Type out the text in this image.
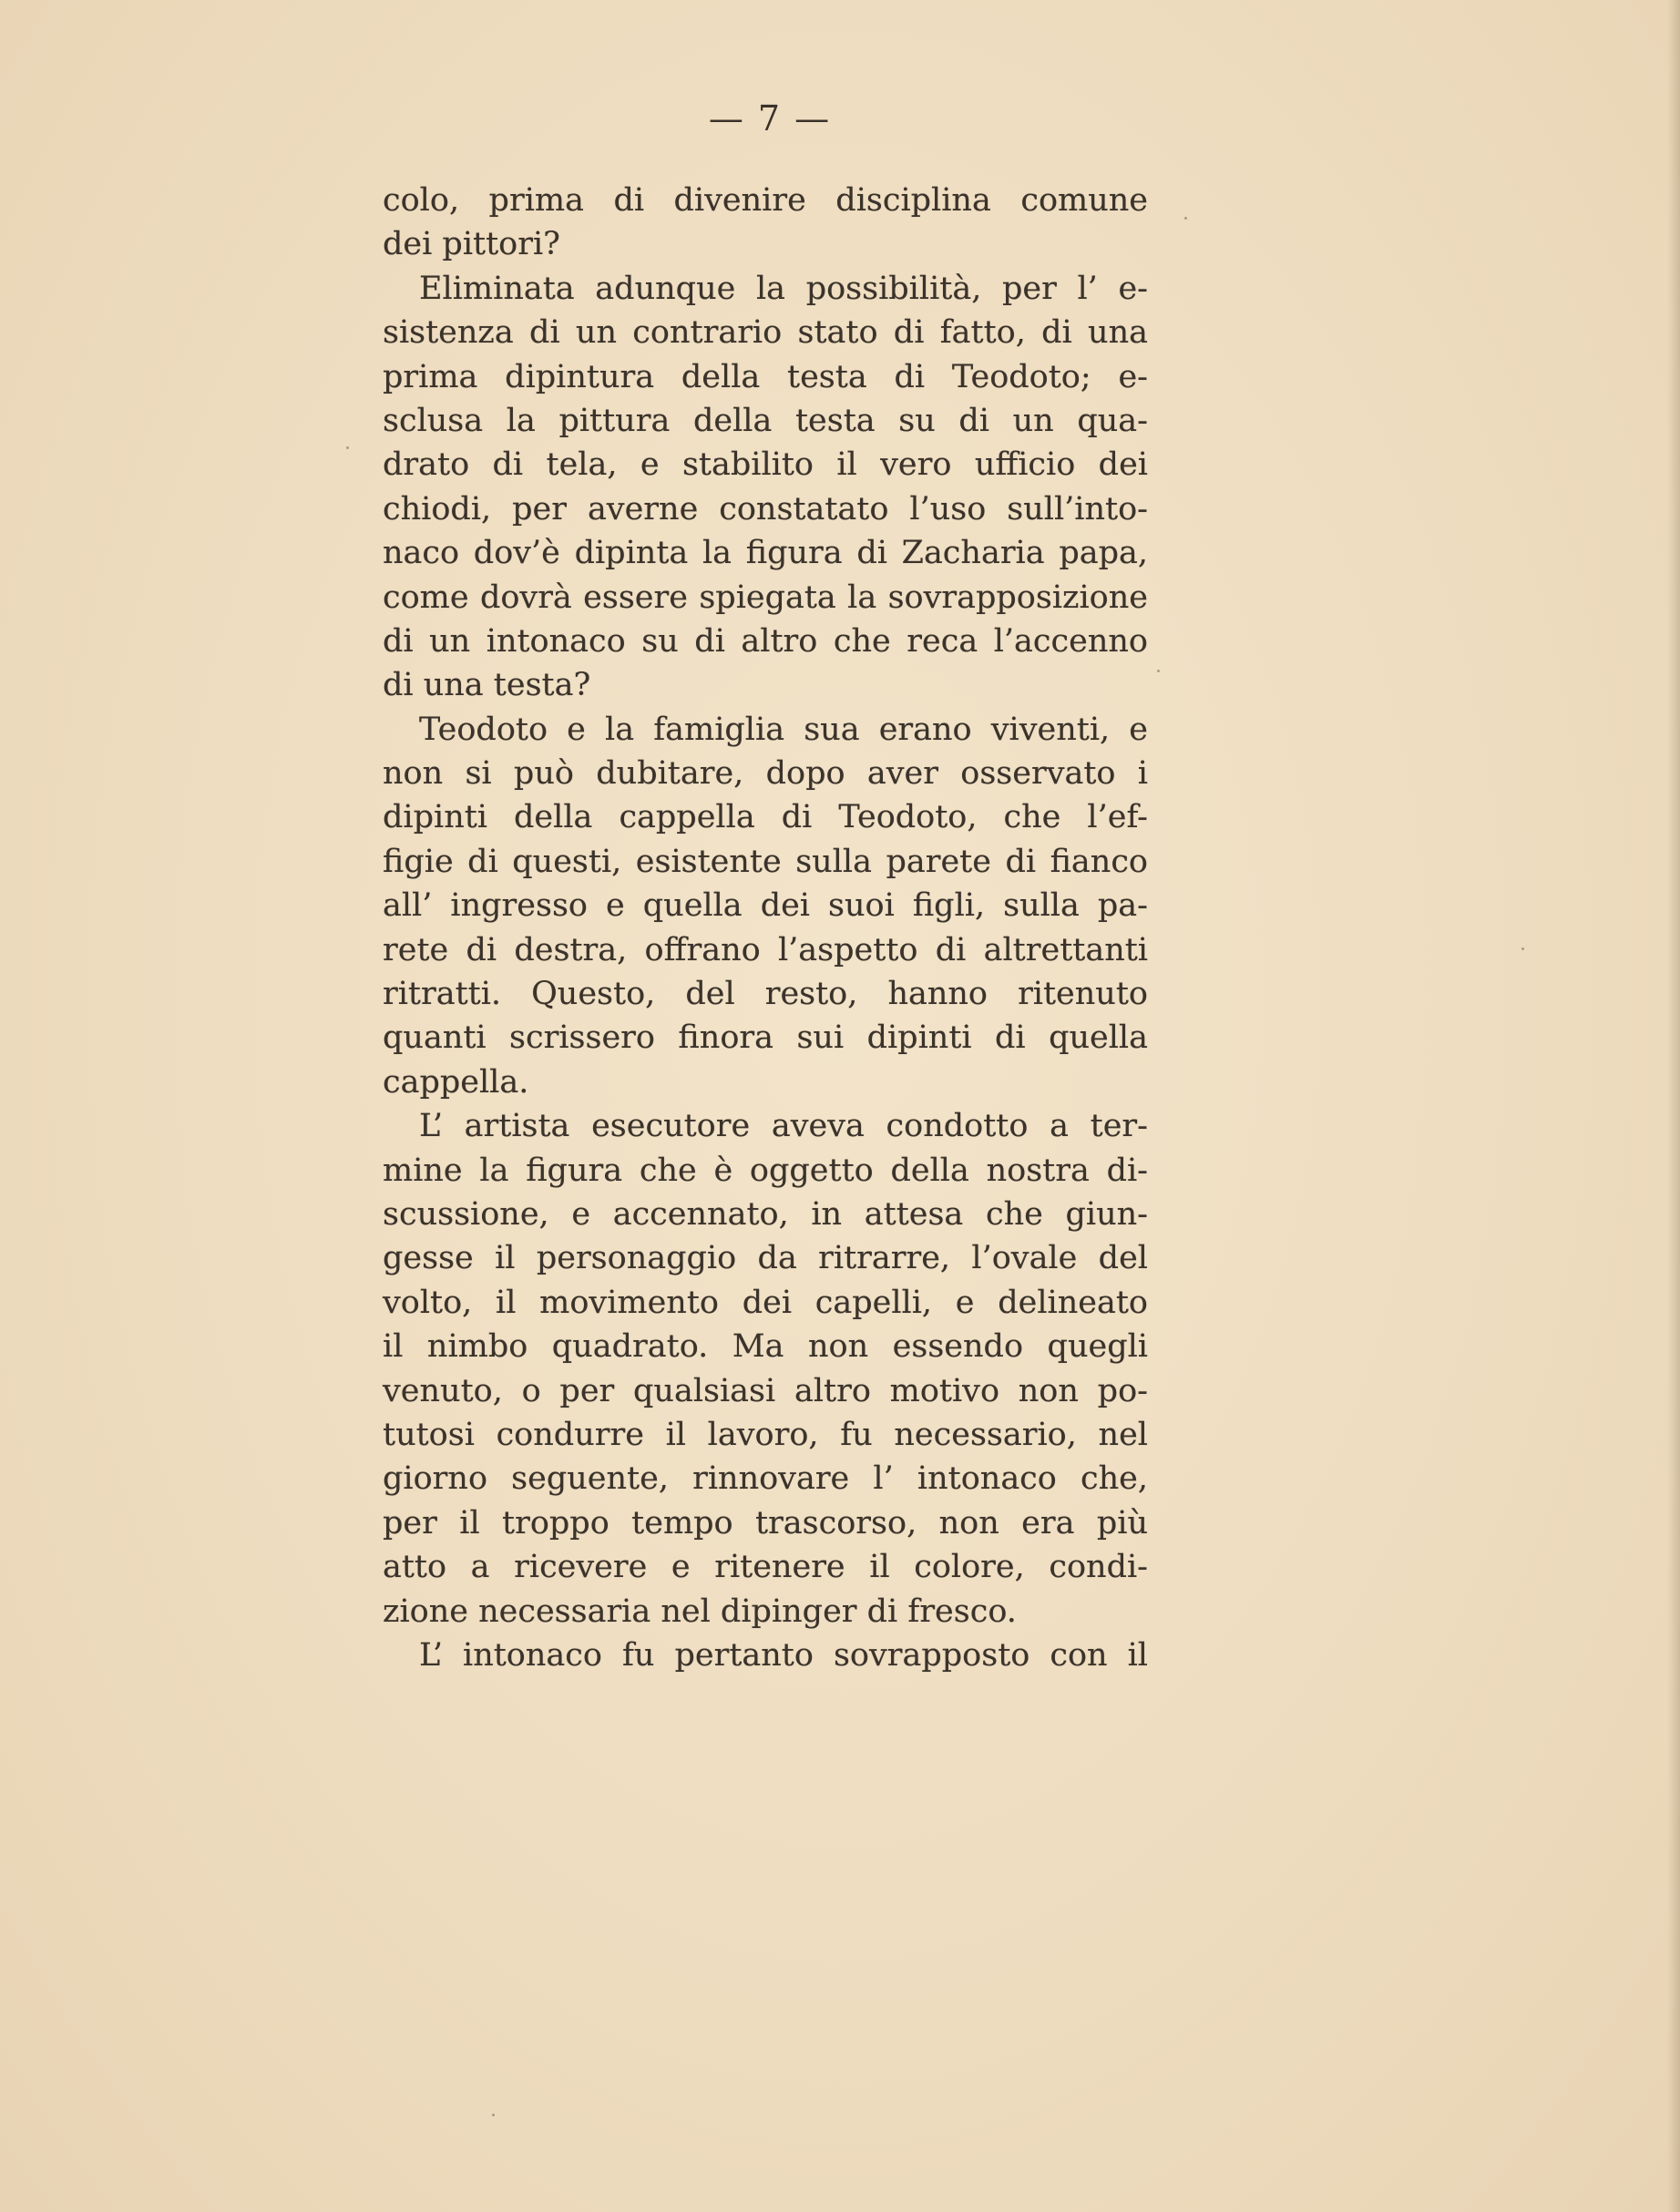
— 7 —
colo, prima di divenire disciplina comune
dei pittori?
Eliminata adunque la possibilità, per l’ e-
sistenza di un contrario stato di fatto, di una
prima dipintura della testa di Teodoto; e-
sclusa la pittura della testa su di un qua-
drato di tela, e stabilito il vero ufficio dei
chiodi, per averne constatato l’uso sull’into-
naco dov’è dipinta la figura di Zacharia papa,
come dovrà essere spiegata la sovrapposizione
di un intonaco su di altro che reca l’accenno
di una testa?
Teodoto e la famiglia sua erano viventi, e
non si può dubitare, dopo aver osservato i
dipinti della cappella di Teodoto, che l’ef-
figie di questi, esistente sulla parete di fianco
all’ ingresso e quella dei suoi figli, sulla pa-
rete di destra, offrano l’aspetto di altrettanti
ritratti. Questo, del resto, hanno ritenuto
quanti scrissero finora sui dipinti di quella
cappella.
L’ artista esecutore aveva condotto a ter-
mine la figura che è oggetto della nostra di-
scussione, e accennato, in attesa che giun-
gesse il personaggio da ritrarre, l’ovale del
volto, il movimento dei capelli, e delineato
il nimbo quadrato. Ma non essendo quegli
venuto, o per qualsiasi altro motivo non po-
tutosi condurre il lavoro, fu necessario, nel
giorno seguente, rinnovare l’ intonaco che,
per il troppo tempo trascorso, non era più
atto a ricevere e ritenere il colore, condi-
zione necessaria nel dipinger di fresco.
L’ intonaco fu pertanto sovrapposto con il
